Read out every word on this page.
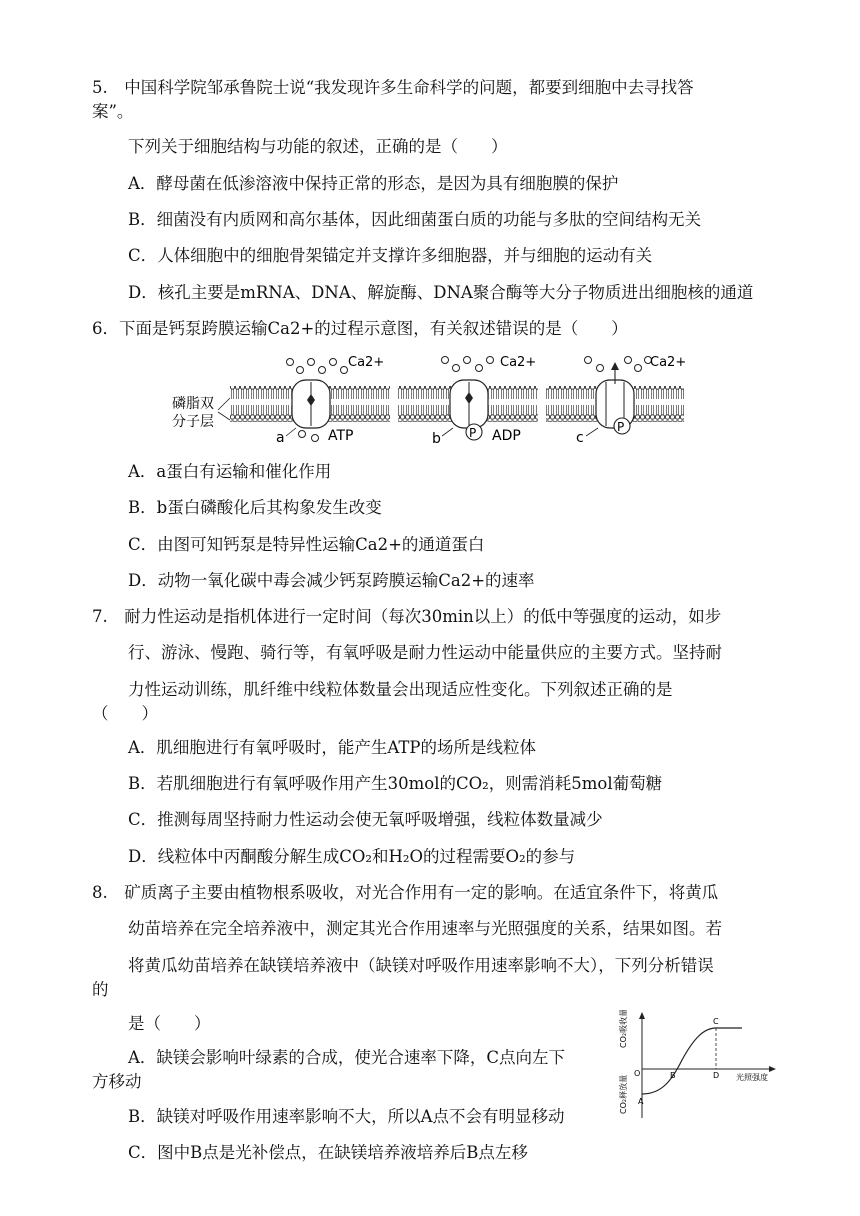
5.　中国科学院邹承鲁院士说“我发现许多生命科学的问题，都要到细胞中去寻找答
案”。
下列关于细胞结构与功能的叙述，正确的是（　　）
A．酵母菌在低渗溶液中保持正常的形态，是因为具有细胞膜的保护
B．细菌没有内质网和高尔基体，因此细菌蛋白质的功能与多肽的空间结构无关
C．人体细胞中的细胞骨架锚定并支撑许多细胞器，并与细胞的运动有关
D．核孔主要是mRNA、DNA、解旋酶、DNA聚合酶等大分子物质进出细胞核的通道
6．下面是钙泵跨膜运输Ca2+的过程示意图，有关叙述错误的是（　　）
磷脂双
分子层
Ca2+
a	ATP
Ca2+
P
b	ADP
Ca2+
P
c
A．a蛋白有运输和催化作用
B．b蛋白磷酸化后其构象发生改变
C．由图可知钙泵是特异性运输Ca2+的通道蛋白
D．动物一氧化碳中毒会减少钙泵跨膜运输Ca2+的速率
7.　耐力性运动是指机体进行一定时间（每次30min以上）的低中等强度的运动，如步
行、游泳、慢跑、骑行等，有氧呼吸是耐力性运动中能量供应的主要方式。坚持耐
力性运动训练，肌纤维中线粒体数量会出现适应性变化。下列叙述正确的是
（　　）
A．肌细胞进行有氧呼吸时，能产生ATP的场所是线粒体
B．若肌细胞进行有氧呼吸作用产生30mol的CO₂，则需消耗5mol葡萄糖
C．推测每周坚持耐力性运动会使无氧呼吸增强，线粒体数量减少
D．线粒体中丙酮酸分解生成CO₂和H₂O的过程需要O₂的参与
8.　矿质离子主要由植物根系吸收，对光合作用有一定的影响。在适宜条件下，将黄瓜
幼苗培养在完全培养液中，测定其光合作用速率与光照强度的关系，结果如图。若
将黄瓜幼苗培养在缺镁培养液中（缺镁对呼吸作用速率影响不大），下列分析错误
的
是（　　）
A．缺镁会影响叶绿素的合成，使光合速率下降，C点向左下
方移动
B．缺镁对呼吸作用速率影响不大，所以A点不会有明显移动
C．图中B点是光补偿点，在缺镁培养液培养后B点左移
CO₂吸收量
CO₂释放量
O
A
B
C
D 光照强度
